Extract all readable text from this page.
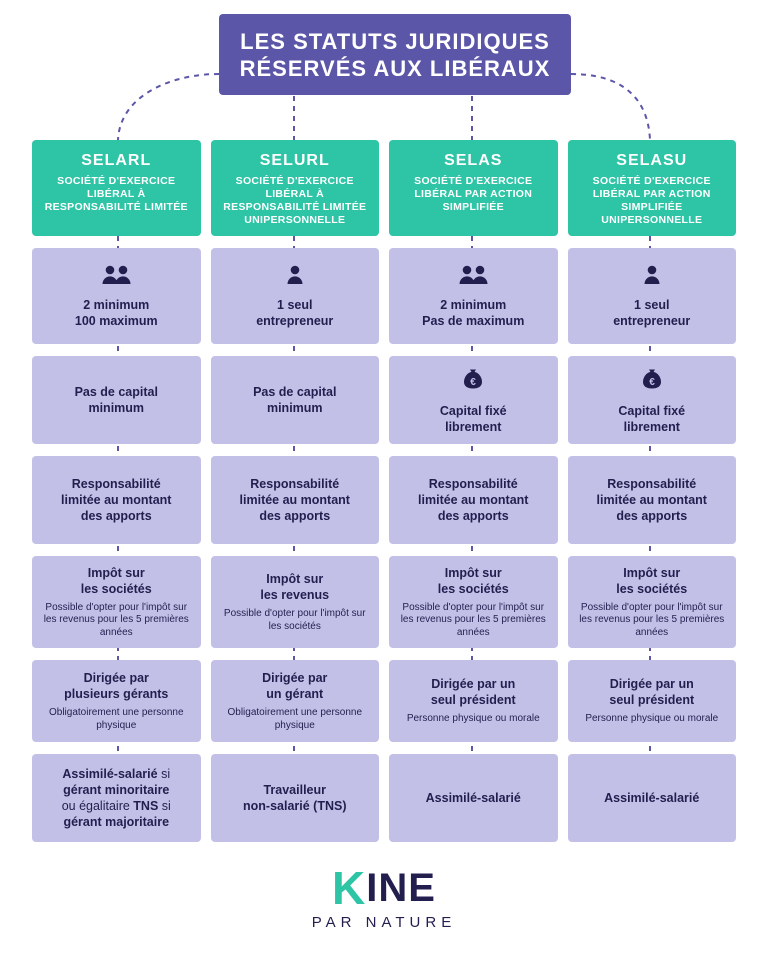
LES STATUTS JURIDIQUES
RÉSERVÉS AUX LIBÉRAUX
SELARL
SOCIÉTÉ D'EXERCICE LIBÉRAL À RESPONSABILITÉ LIMITÉE
2 minimum
100 maximum
Pas de capital
minimum
Responsabilité
limitée au montant
des apports
Impôt sur
les sociétés
Possible d'opter pour l'impôt sur les revenus pour les 5 premières années
Dirigée par
plusieurs gérants
Obligatoirement une personne physique
Assimilé-salarié si
gérant minoritaire
ou égalitaire TNS si
gérant majoritaire
SELURL
SOCIÉTÉ D'EXERCICE LIBÉRAL À RESPONSABILITÉ LIMITÉE UNIPERSONNELLE
1 seul
entrepreneur
Pas de capital
minimum
Responsabilité
limitée au montant
des apports
Impôt sur
les revenus
Possible d'opter pour l'impôt sur les sociétés
Dirigée par
un gérant
Obligatoirement une personne physique
Travailleur
non-salarié (TNS)
SELAS
SOCIÉTÉ D'EXERCICE LIBÉRAL PAR ACTION SIMPLIFIÉE
2 minimum
Pas de maximum
€
Capital fixé
librement
Responsabilité
limitée au montant
des apports
Impôt sur
les sociétés
Possible d'opter pour l'impôt sur les revenus pour les 5 premières années
Dirigée par un
seul président
Personne physique ou morale
Assimilé-salarié
SELASU
SOCIÉTÉ D'EXERCICE LIBÉRAL PAR ACTION SIMPLIFIÉE UNIPERSONNELLE
1 seul
entrepreneur
€
Capital fixé
librement
Responsabilité
limitée au montant
des apports
Impôt sur
les sociétés
Possible d'opter pour l'impôt sur les revenus pour les 5 premières années
Dirigée par un
seul président
Personne physique ou morale
Assimilé-salarié
K INE
PAR NATURE
